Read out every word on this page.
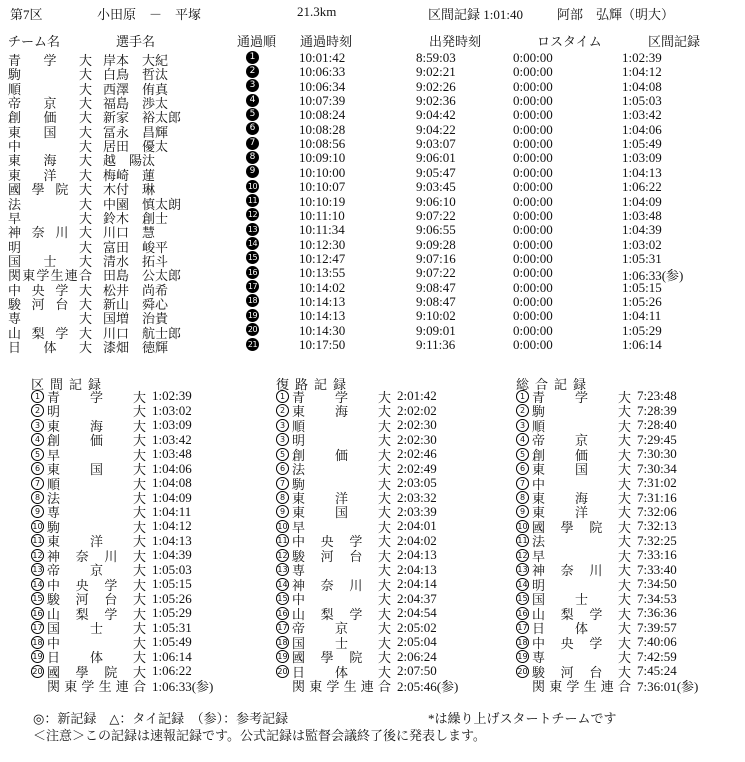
第7区	小田原　－　平塚	21.3km	区間記録 1:01:40	阿部　弘輝（明大）
チーム名	選手名	通過順 通過時刻	出発時刻	ロスタイム	区間記録
青 学 大 岸本　大紀	1	10:01:42	8:59:03	0:00:00	1:02:39
駒	大 白鳥　哲汰	2	10:06:33	9:02:21	0:00:00	1:04:12
順	大 西澤　侑真	3	10:06:34	9:02:26	0:00:00	1:04:08
帝 京 大 福島　渉太	4	10:07:39	9:02:36	0:00:00	1:05:03
創 価 大 新家　裕太郎	5	10:08:24	9:04:42	0:00:00	1:03:42
東 国 大 冨永　昌輝	6	10:08:28	9:04:22	0:00:00	1:04:06
中	大 居田　優太	7	10:08:56	9:03:07	0:00:00	1:05:49
東 海 大 越　陽汰	8	10:09:10	9:06:01	0:00:00	1:03:09
東 洋 大 梅崎　蓮	9	10:10:00	9:05:47	0:00:00	1:04:13
國 學 院 大 木付　琳	10	10:10:07	9:03:45	0:00:00	1:06:22
法	大 中園　慎太朗	11	10:10:19	9:06:10	0:00:00	1:04:09
早	大 鈴木　創士	12	10:11:10	9:07:22	0:00:00	1:03:48
神 奈 川 大 川口　慧	13	10:11:34	9:06:55	0:00:00	1:04:39
明	大 富田　峻平	14	10:12:30	9:09:28	0:00:00	1:03:02
国 士 大 清水　拓斗	15	10:12:47	9:07:16	0:00:00	1:05:31
関 東 学 生 連 合 田島　公太郎	16	10:13:55	9:07:22	0:00:00	1:06:33(参)
中 央 学 大 松井　尚希	17	10:14:02	9:08:47	0:00:00	1:05:15
駿 河 台 大 新山　舜心	18	10:14:13	9:08:47	0:00:00	1:05:26
専	大 国増　治貴	19	10:14:13	9:10:02	0:00:00	1:04:11
山 梨 学 大 川口　航士郎	20	10:14:30	9:09:01	0:00:00	1:05:29
日 体 大 漆畑　徳輝	21	10:17:50	9:11:36	0:00:00	1:06:14
区間記録
1 青 学 大 1:02:39
2 明	大 1:03:02
3 東 海 大 1:03:09
4 創 価 大 1:03:42
5 早	大 1:03:48
6 東 国 大 1:04:06
7 順	大 1:04:08
8 法	大 1:04:09
9 専	大 1:04:11
10 駒	大 1:04:12
11 東 洋 大 1:04:13
12 神 奈 川 大 1:04:39
13 帝 京 大 1:05:03
14 中 央 学 大 1:05:15
15 駿 河 台 大 1:05:26
16 山 梨 学 大 1:05:29
17 国 士 大 1:05:31
18 中	大 1:05:49
19 日 体 大 1:06:14
20 國 學 院 大 1:06:22
関 東 学 生 連 合 1:06:33(参)
復路記録
1 青 学 大 2:01:42
2 東 海 大 2:02:02
3 順	大 2:02:30
3 明	大 2:02:30
5 創 価 大 2:02:46
6 法	大 2:02:49
7 駒	大 2:03:05
8 東 洋 大 2:03:32
9 東 国 大 2:03:39
10 早	大 2:04:01
11 中 央 学 大 2:04:02
12 駿 河 台 大 2:04:13
13 専	大 2:04:13
14 神 奈 川 大 2:04:14
15 中	大 2:04:37
16 山 梨 学 大 2:04:54
17 帝 京 大 2:05:02
18 国 士 大 2:05:04
19 國 學 院 大 2:06:24
20 日 体 大 2:07:50
関 東 学 生 連 合 2:05:46(参)
総合記録
1 青 学 大 7:23:48
2 駒	大 7:28:39
3 順	大 7:28:40
4 帝 京 大 7:29:45
5 創 価 大 7:30:30
6 東 国 大 7:30:34
7 中	大 7:31:02
8 東 海 大 7:31:16
9 東 洋 大 7:32:06
10 國 學 院 大 7:32:13
11 法	大 7:32:25
12 早	大 7:33:16
13 神 奈 川 大 7:33:40
14 明	大 7:34:50
15 国 士 大 7:34:53
16 山 梨 学 大 7:36:36
17 日 体 大 7:39:57
18 中 央 学 大 7:40:06
19 専	大 7:42:59
20 駿 河 台 大 7:45:24
関 東 学 生 連 合 7:36:01(参)
◎：新記録　△：タイ記録　（参）：参考記録	*は繰り上げスタートチームです
＜注意＞この記録は速報記録です。公式記録は監督会議終了後に発表します。
